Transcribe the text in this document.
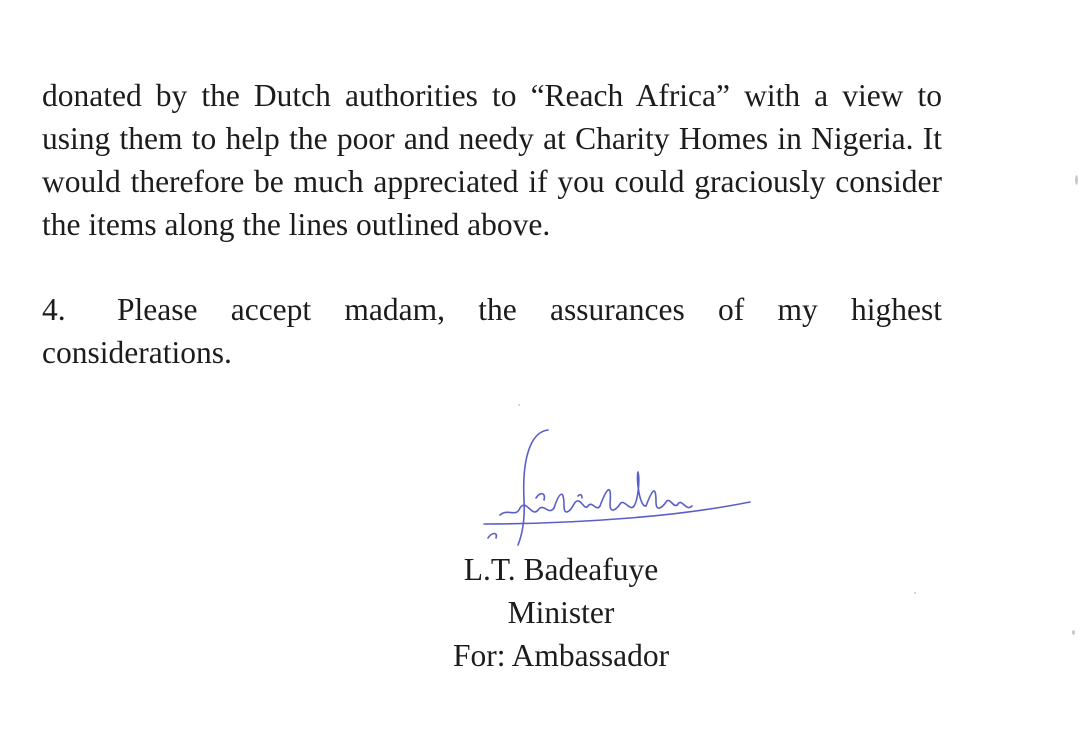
donated by the Dutch authorities to “Reach Africa” with a view to using them to help the poor and needy at Charity Homes in Nigeria. It would therefore be much appreciated if you could graciously consider the items along the lines outlined above.

4. Please accept madam, the assurances of my highest considerations.

L.T. Badeafuye
Minister
For: Ambassador
